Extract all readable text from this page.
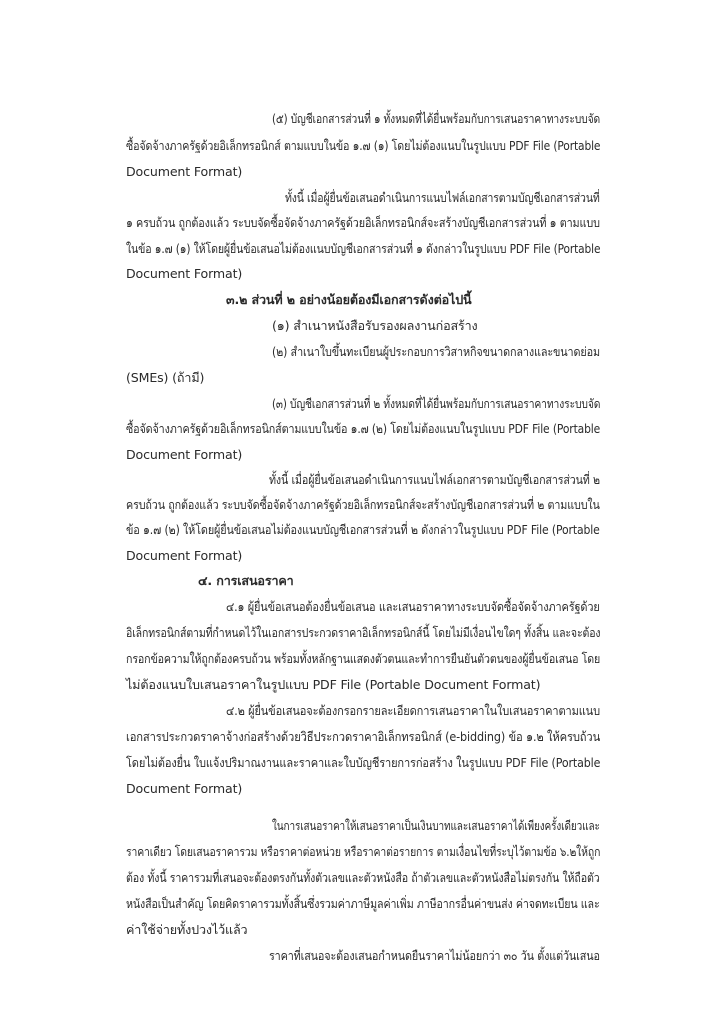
(๕) บัญชีเอกสารส่วนที่ ๑ ทั้งหมดที่ได้ยื่นพร้อมกับการเสนอราคาทางระบบจัด
ซื้อจัดจ้างภาครัฐด้วยอิเล็กทรอนิกส์ ตามแบบในข้อ ๑.๗ (๑) โดยไม่ต้องแนบในรูปแบบ PDF File (Portable
Document Format)
ทั้งนี้ เมื่อผู้ยื่นข้อเสนอดำเนินการแนบไฟล์เอกสารตามบัญชีเอกสารส่วนที่
๑ ครบถ้วน ถูกต้องแล้ว ระบบจัดซื้อจัดจ้างภาครัฐด้วยอิเล็กทรอนิกส์จะสร้างบัญชีเอกสารส่วนที่ ๑ ตามแบบ
ในข้อ ๑.๗ (๑) ให้โดยผู้ยื่นข้อเสนอไม่ต้องแนบบัญชีเอกสารส่วนที่ ๑ ดังกล่าวในรูปแบบ PDF File (Portable
Document Format)
๓.๒ ส่วนที่ ๒ อย่างน้อยต้องมีเอกสารดังต่อไปนี้
(๑) สำเนาหนังสือรับรองผลงานก่อสร้าง
(๒) สำเนาใบขึ้นทะเบียนผู้ประกอบการวิสาหกิจขนาดกลางและขนาดย่อม
(SMEs) (ถ้ามี)
(๓) บัญชีเอกสารส่วนที่ ๒ ทั้งหมดที่ได้ยื่นพร้อมกับการเสนอราคาทางระบบจัด
ซื้อจัดจ้างภาครัฐด้วยอิเล็กทรอนิกส์ตามแบบในข้อ ๑.๗ (๒) โดยไม่ต้องแนบในรูปแบบ PDF File (Portable
Document Format)
ทั้งนี้ เมื่อผู้ยื่นข้อเสนอดำเนินการแนบไฟล์เอกสารตามบัญชีเอกสารส่วนที่ ๒
ครบถ้วน ถูกต้องแล้ว ระบบจัดซื้อจัดจ้างภาครัฐด้วยอิเล็กทรอนิกส์จะสร้างบัญชีเอกสารส่วนที่ ๒ ตามแบบใน
ข้อ ๑.๗ (๒) ให้โดยผู้ยื่นข้อเสนอไม่ต้องแนบบัญชีเอกสารส่วนที่ ๒ ดังกล่าวในรูปแบบ PDF File (Portable
Document Format)
๔. การเสนอราคา
๔.๑ ผู้ยื่นข้อเสนอต้องยื่นข้อเสนอ และเสนอราคาทางระบบจัดซื้อจัดจ้างภาครัฐด้วย
อิเล็กทรอนิกส์ตามที่กำหนดไว้ในเอกสารประกวดราคาอิเล็กทรอนิกส์นี้ โดยไม่มีเงื่อนไขใดๆ ทั้งสิ้น และจะต้อง
กรอกข้อความให้ถูกต้องครบถ้วน พร้อมทั้งหลักฐานแสดงตัวตนและทำการยืนยันตัวตนของผู้ยื่นข้อเสนอ โดย
ไม่ต้องแนบใบเสนอราคาในรูปแบบ PDF File (Portable Document Format)
๔.๒ ผู้ยื่นข้อเสนอจะต้องกรอกรายละเอียดการเสนอราคาในใบเสนอราคาตามแนบ
เอกสารประกวดราคาจ้างก่อสร้างด้วยวิธีประกวดราคาอิเล็กทรอนิกส์ (e-bidding) ข้อ ๑.๒ ให้ครบถ้วน
โดยไม่ต้องยื่น ใบแจ้งปริมาณงานและราคาและใบบัญชีรายการก่อสร้าง ในรูปแบบ PDF File (Portable
Document Format)
ในการเสนอราคาให้เสนอราคาเป็นเงินบาทและเสนอราคาได้เพียงครั้งเดียวและ
ราคาเดียว โดยเสนอราคารวม หรือราคาต่อหน่วย หรือราคาต่อรายการ ตามเงื่อนไขที่ระบุไว้ตามข้อ ๖.๒ให้ถูก
ต้อง ทั้งนี้ ราคารวมที่เสนอจะต้องตรงกันทั้งตัวเลขและตัวหนังสือ ถ้าตัวเลขและตัวหนังสือไม่ตรงกัน ให้ถือตัว
หนังสือเป็นสำคัญ โดยคิดราคารวมทั้งสิ้นซึ่งรวมค่าภาษีมูลค่าเพิ่ม ภาษีอากรอื่นค่าขนส่ง ค่าจดทะเบียน และ
ค่าใช้จ่ายทั้งปวงไว้แล้ว
ราคาที่เสนอจะต้องเสนอกำหนดยืนราคาไม่น้อยกว่า ๓๐ วัน ตั้งแต่วันเสนอ
